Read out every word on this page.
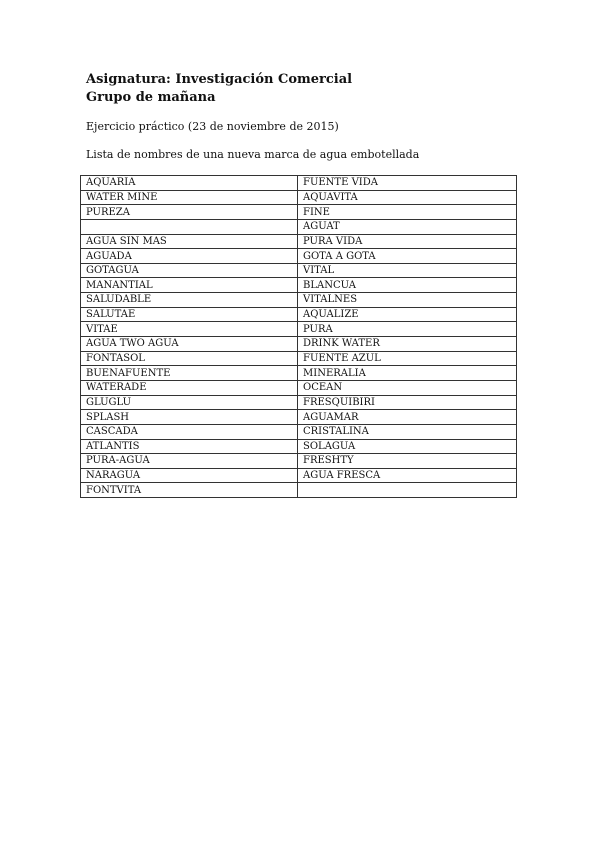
Asignatura: Investigación Comercial
Grupo de mañana
Ejercicio práctico (23 de noviembre de 2015)
Lista de nombres de una nueva marca de agua embotellada
AQUARIA	FUENTE VIDA
WATER MINE	AQUAVITA
PUREZA	FINE
	AGUAT
AGUA SIN MAS	PURA VIDA
AGUADA	GOTA A GOTA
GOTAGUA	VITAL
MANANTIAL	BLANCUA
SALUDABLE	VITALNES
SALUTAE	AQUALIZE
VITAE	PURA
AGUA TWO AGUA	DRINK WATER
FONTASOL	FUENTE AZUL
BUENAFUENTE	MINERALIA
WATERADE	OCEAN
GLUGLU	FRESQUIBIRI
SPLASH	AGUAMAR
CASCADA	CRISTALINA
ATLANTIS	SOLAGUA
PURA-AGUA	FRESHTY
NARAGUA	AGUA FRESCA
FONTVITA	
